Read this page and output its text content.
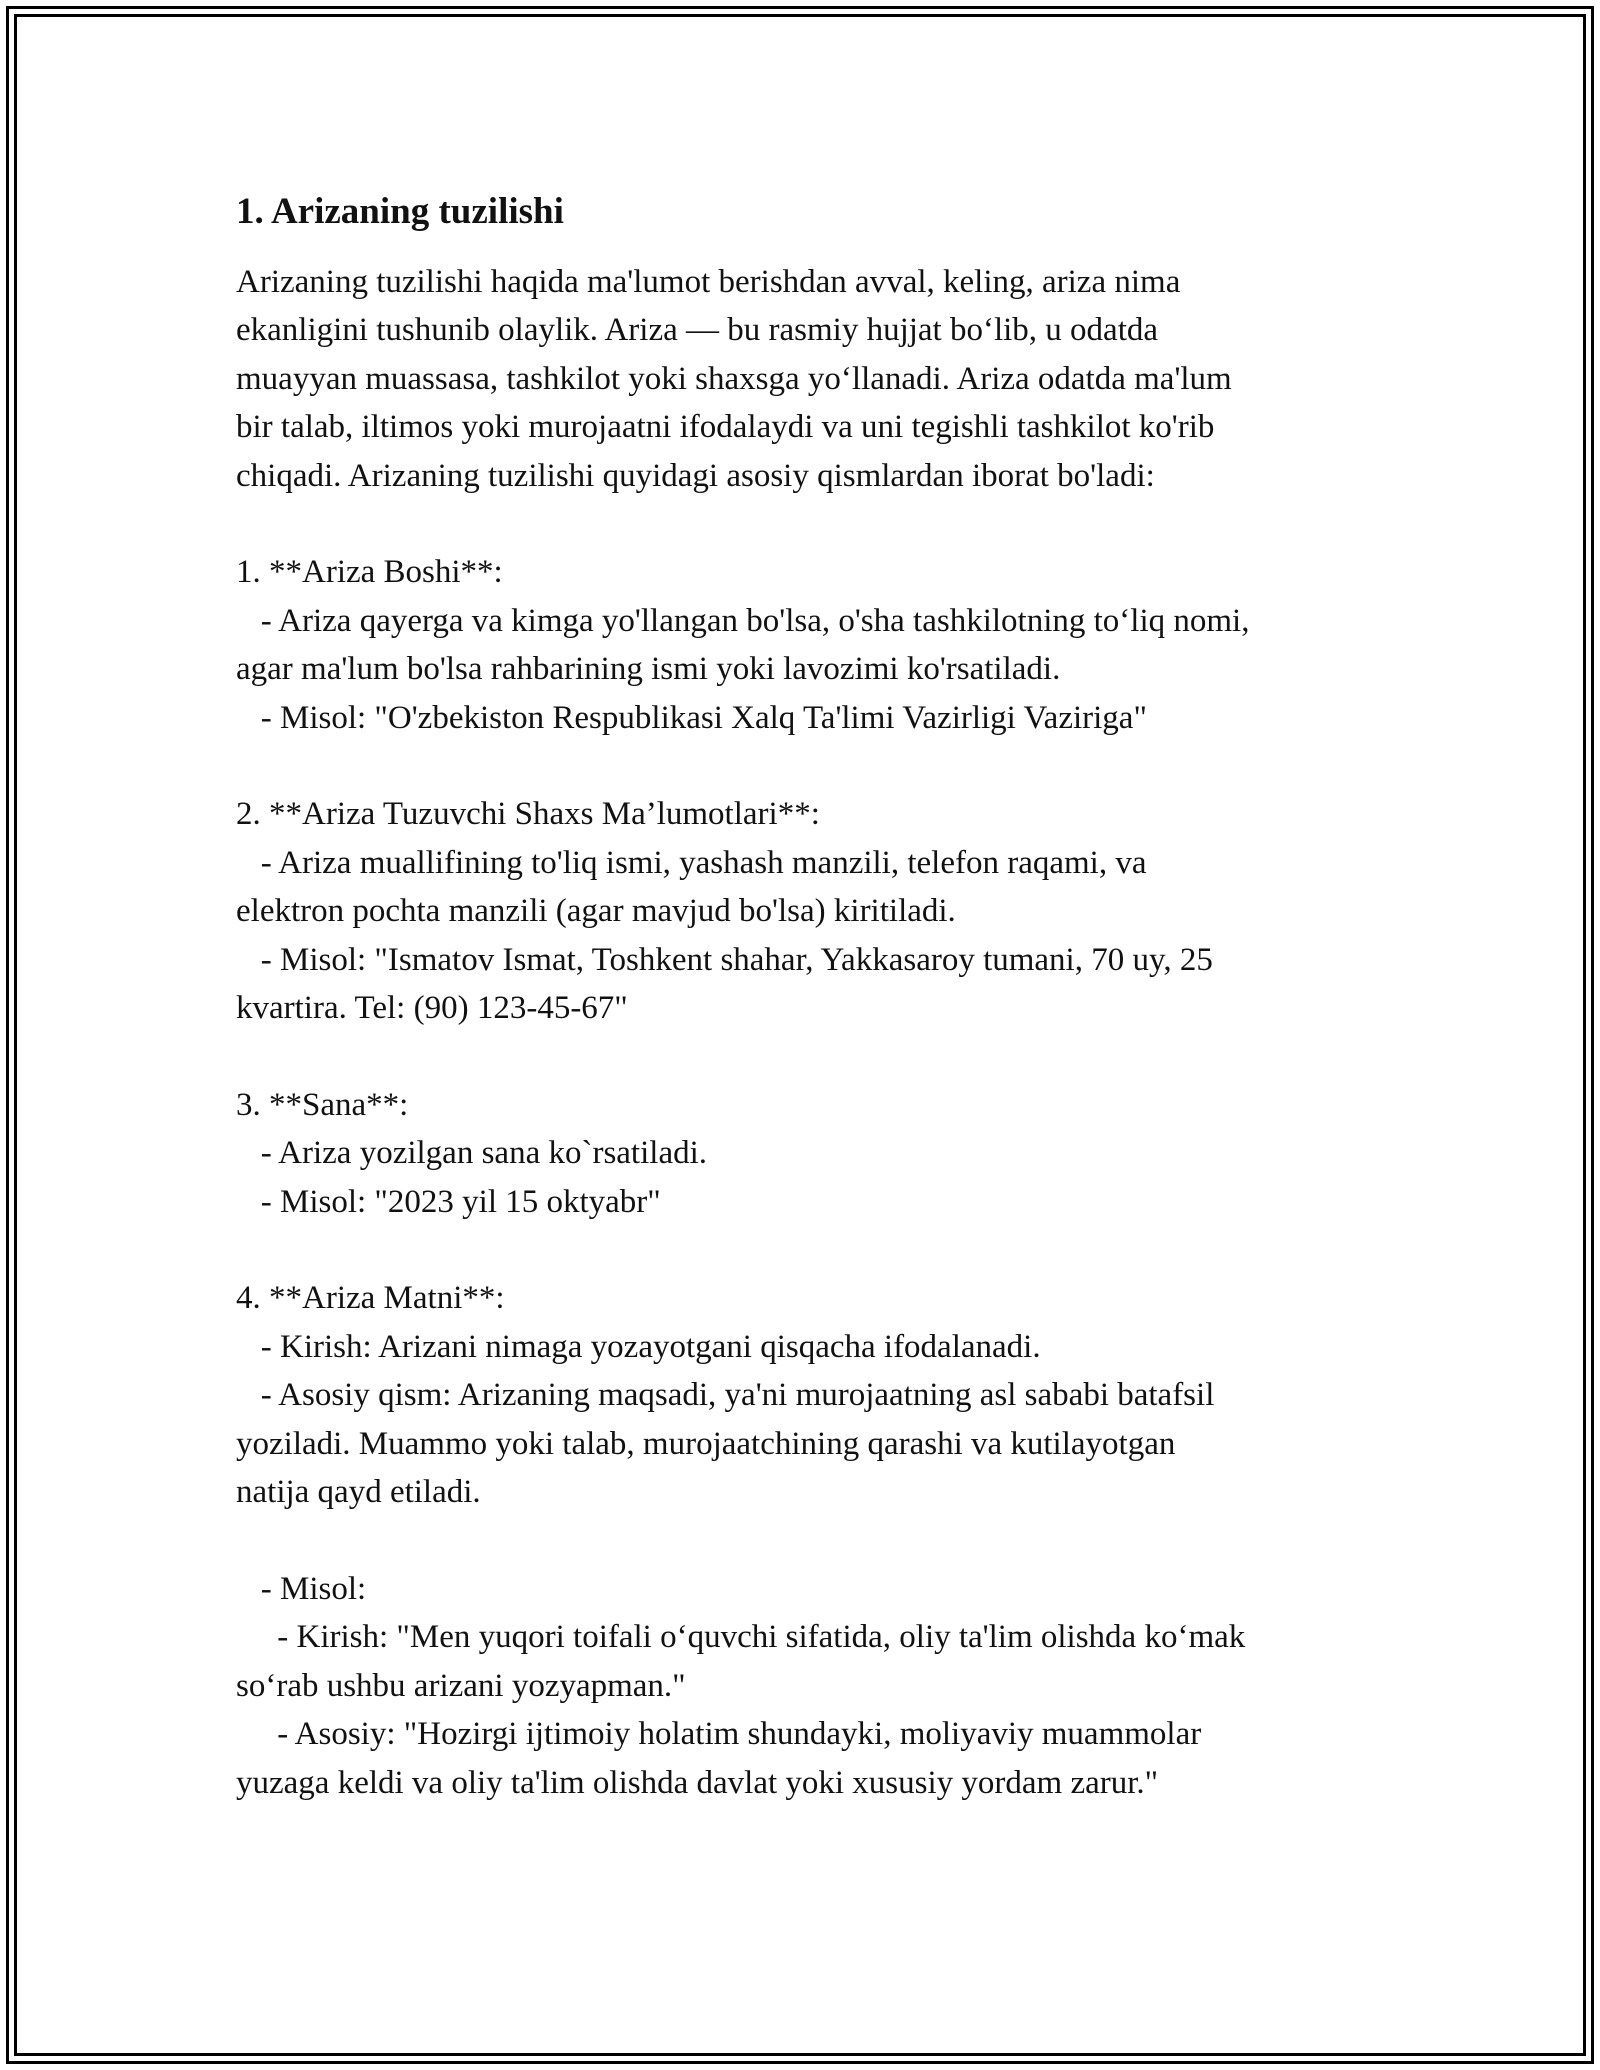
1. Arizaning tuzilishi
Arizaning tuzilishi haqida ma'lumot berishdan avval, keling, ariza nima
ekanligini tushunib olaylik. Ariza — bu rasmiy hujjat bo‘lib, u odatda
muayyan muassasa, tashkilot yoki shaxsga yo‘llanadi. Ariza odatda ma'lum
bir talab, iltimos yoki murojaatni ifodalaydi va uni tegishli tashkilot ko'rib
chiqadi. Arizaning tuzilishi quyidagi asosiy qismlardan iborat bo'ladi:
1. **Ariza Boshi**:
- Ariza qayerga va kimga yo'llangan bo'lsa, o'sha tashkilotning to‘liq nomi,
agar ma'lum bo'lsa rahbarining ismi yoki lavozimi ko'rsatiladi.
- Misol: "O'zbekiston Respublikasi Xalq Ta'limi Vazirligi Vaziriga"
2. **Ariza Tuzuvchi Shaxs Ma’lumotlari**:
- Ariza muallifining to'liq ismi, yashash manzili, telefon raqami, va
elektron pochta manzili (agar mavjud bo'lsa) kiritiladi.
- Misol: "Ismatov Ismat, Toshkent shahar, Yakkasaroy tumani, 70 uy, 25
kvartira. Tel: (90) 123-45-67"
3. **Sana**:
- Ariza yozilgan sana ko`rsatiladi.
- Misol: "2023 yil 15 oktyabr"
4. **Ariza Matni**:
- Kirish: Arizani nimaga yozayotgani qisqacha ifodalanadi.
- Asosiy qism: Arizaning maqsadi, ya'ni murojaatning asl sababi batafsil
yoziladi. Muammo yoki talab, murojaatchining qarashi va kutilayotgan
natija qayd etiladi.
- Misol:
- Kirish: "Men yuqori toifali o‘quvchi sifatida, oliy ta'lim olishda ko‘mak
so‘rab ushbu arizani yozyapman."
- Asosiy: "Hozirgi ijtimoiy holatim shundayki, moliyaviy muammolar
yuzaga keldi va oliy ta'lim olishda davlat yoki xususiy yordam zarur."
